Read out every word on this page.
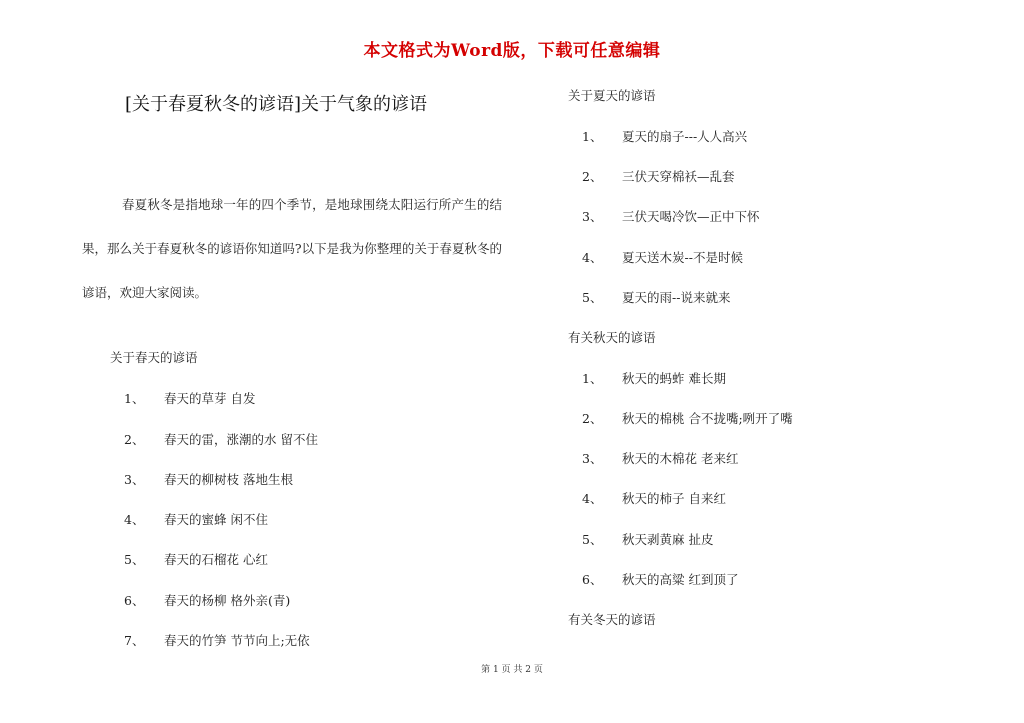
本文格式为Word版，下载可任意编辑
[关于春夏秋冬的谚语]关于气象的谚语

春夏秋冬是指地球一年的四个季节，是地球围绕太阳运行所产生的结果，那么关于春夏秋冬的谚语你知道吗?以下是我为你整理的关于春夏秋冬的谚语，欢迎大家阅读。

关于春天的谚语
1、 春天的草芽 自发
2、 春天的雷，涨潮的水 留不住
3、 春天的柳树枝 落地生根
4、 春天的蜜蜂 闲不住
5、 春天的石榴花 心红
6、 春天的杨柳 格外亲(青)
7、 春天的竹笋 节节向上;无依
关于夏天的谚语
1、 夏天的扇子---人人高兴
2、 三伏天穿棉袄—乱套
3、 三伏天喝冷饮—正中下怀
4、 夏天送木炭--不是时候
5、 夏天的雨--说来就来
有关秋天的谚语
1、 秋天的蚂蚱 难长期
2、 秋天的棉桃 合不拢嘴;咧开了嘴
3、 秋天的木棉花 老来红
4、 秋天的柿子 自来红
5、 秋天剥黄麻 扯皮
6、 秋天的高粱 红到顶了
有关冬天的谚语
第 1 页 共 2 页
